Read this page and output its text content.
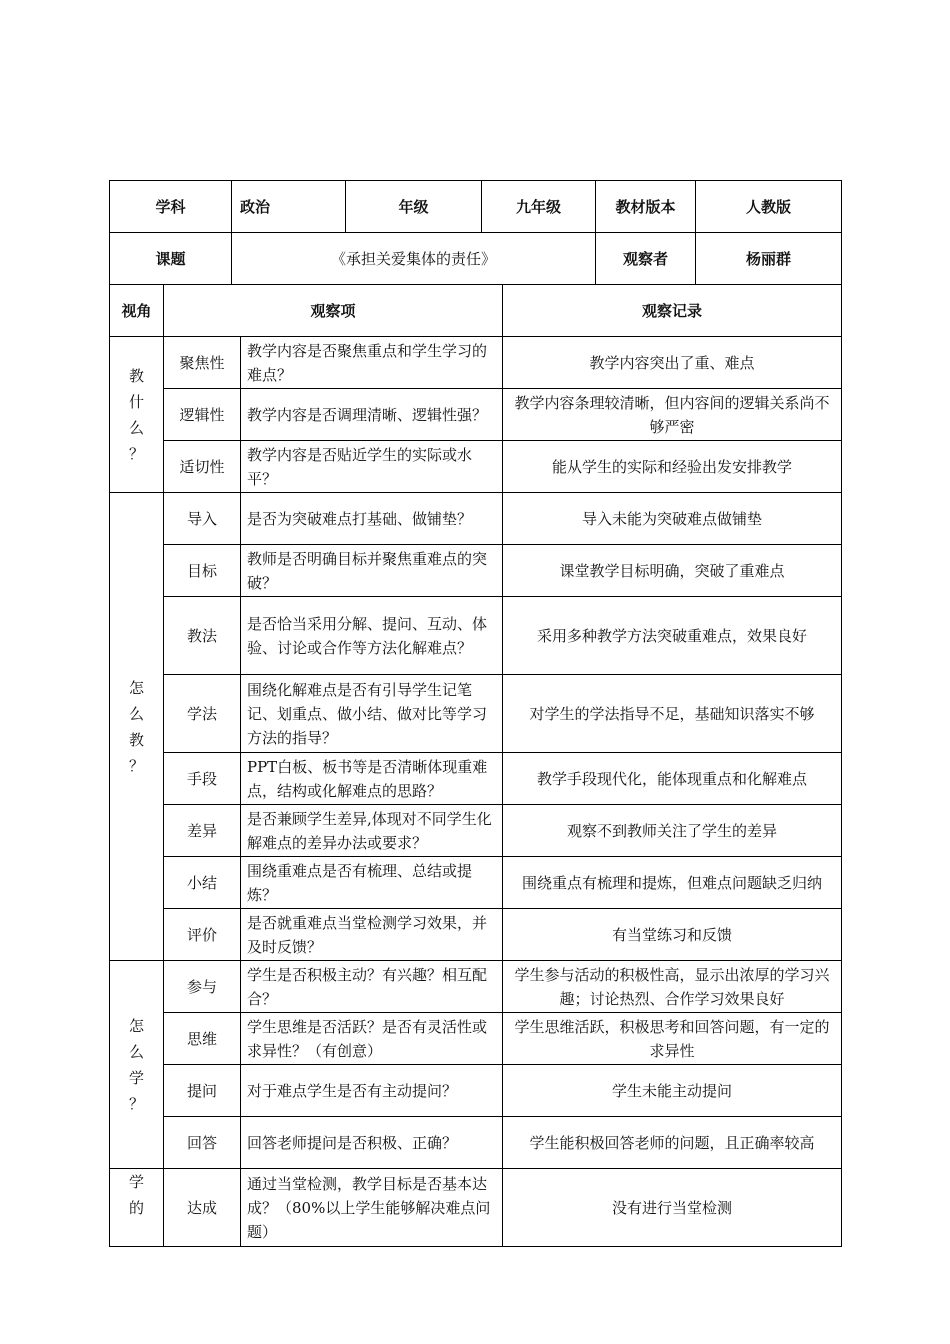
学科	政治	年级	九年级	教材版本	人教版
课题	《承担关爱集体的责任》			观察者	杨丽群
视角	观察项		观察记录

教
什
么
？	聚焦性	教学内容是否聚焦重点和学生学习的难点？	教学内容突出了重、难点
	逻辑性	教学内容是否调理清晰、逻辑性强？	教学内容条理较清晰，但内容间的逻辑关系尚不够严密
	适切性	教学内容是否贴近学生的实际或水平？	能从学生的实际和经验出发安排教学

怎
么
教
？	导入	是否为突破难点打基础、做铺垫？	导入未能为突破难点做铺垫
	目标	教师是否明确目标并聚焦重难点的突破？	课堂教学目标明确，突破了重难点
	教法	是否恰当采用分解、提问、互动、体验、讨论或合作等方法化解难点？	采用多种教学方法突破重难点，效果良好
	学法	围绕化解难点是否有引导学生记笔记、划重点、做小结、做对比等学习方法的指导？	对学生的学法指导不足，基础知识落实不够
	手段	PPT白板、板书等是否清晰体现重难点，结构或化解难点的思路？	教学手段现代化，能体现重点和化解难点
	差异	是否兼顾学生差异,体现对不同学生化解难点的差异办法或要求？	观察不到教师关注了学生的差异
	小结	围绕重难点是否有梳理、总结或提炼？	围绕重点有梳理和提炼，但难点问题缺乏归纳
	评价	是否就重难点当堂检测学习效果，并及时反馈？	有当堂练习和反馈

怎
么
学
？	参与	学生是否积极主动？有兴趣？相互配合？	学生参与活动的积极性高，显示出浓厚的学习兴趣；讨论热烈、合作学习效果良好
	思维	学生思维是否活跃？是否有灵活性或求异性？（有创意）	学生思维活跃，积极思考和回答问题，有一定的求异性
	提问	对于难点学生是否有主动提问？	学生未能主动提问
	回答	回答老师提问是否积极、正确？	学生能积极回答老师的问题，且正确率较高

学
的	达成	通过当堂检测，教学目标是否基本达成？（80%以上学生能够解决难点问题）	没有进行当堂检测
